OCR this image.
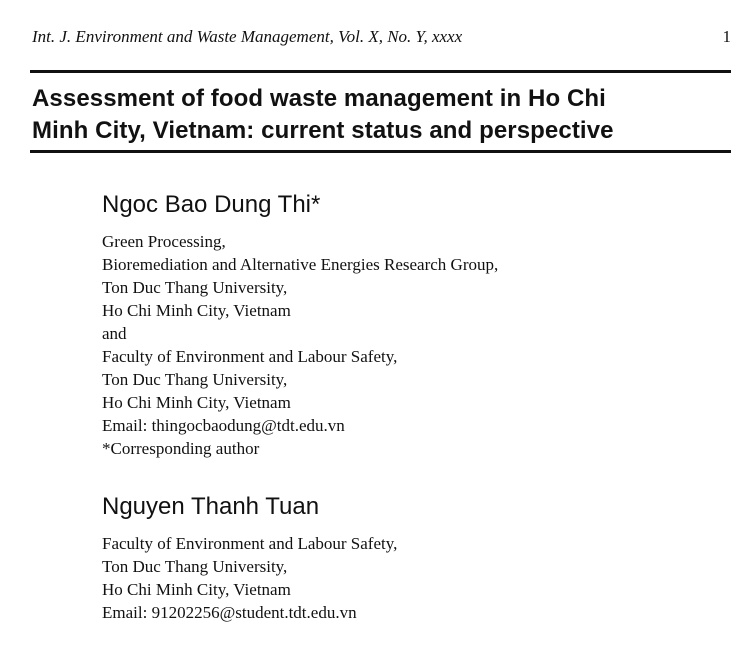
Int. J. Environment and Waste Management, Vol. X, No. Y, xxxx	1
Assessment of food waste management in Ho Chi
Minh City, Vietnam: current status and perspective
Ngoc Bao Dung Thi*
Green Processing,
Bioremediation and Alternative Energies Research Group,
Ton Duc Thang University,
Ho Chi Minh City, Vietnam
and
Faculty of Environment and Labour Safety,
Ton Duc Thang University,
Ho Chi Minh City, Vietnam
Email: thingocbaodung@tdt.edu.vn
*Corresponding author
Nguyen Thanh Tuan
Faculty of Environment and Labour Safety,
Ton Duc Thang University,
Ho Chi Minh City, Vietnam
Email: 91202256@student.tdt.edu.vn
